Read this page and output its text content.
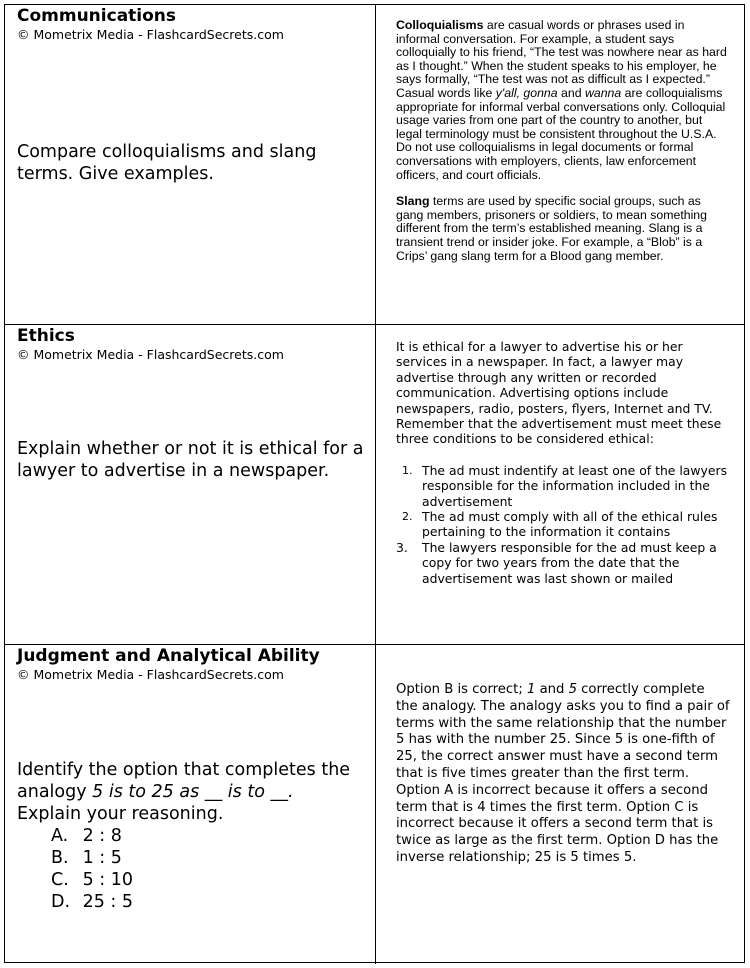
Communications
© Mometrix Media - FlashcardSecrets.com
Compare colloquialisms and slang terms. Give examples.

Colloquialisms are casual words or phrases used in informal conversation. For example, a student says colloquially to his friend, “The test was nowhere near as hard as I thought.” When the student speaks to his employer, he says formally, “The test was not as difficult as I expected.” Casual words like y'all, gonna and wanna are colloquialisms appropriate for informal verbal conversations only. Colloquial usage varies from one part of the country to another, but legal terminology must be consistent throughout the U.S.A. Do not use colloquialisms in legal documents or formal conversations with employers, clients, law enforcement officers, and court officials.

Slang terms are used by specific social groups, such as gang members, prisoners or soldiers, to mean something different from the term’s established meaning. Slang is a transient trend or insider joke. For example, a “Blob” is a Crips’ gang slang term for a Blood gang member.

Ethics
© Mometrix Media - FlashcardSecrets.com
Explain whether or not it is ethical for a lawyer to advertise in a newspaper.

It is ethical for a lawyer to advertise his or her services in a newspaper. In fact, a lawyer may advertise through any written or recorded communication. Advertising options include newspapers, radio, posters, flyers, Internet and TV. Remember that the advertisement must meet these three conditions to be considered ethical:

1. The ad must indentify at least one of the lawyers responsible for the information included in the advertisement
2. The ad must comply with all of the ethical rules pertaining to the information it contains
3. The lawyers responsible for the ad must keep a copy for two years from the date that the advertisement was last shown or mailed
Judgment and Analytical Ability
© Mometrix Media - FlashcardSecrets.com
Identify the option that completes the analogy 5 is to 25 as __ is to __.
Explain your reasoning.
A. 2 : 8
B. 1 : 5
C. 5 : 10
D. 25 : 5
Option B is correct; 1 and 5 correctly complete the analogy. The analogy asks you to find a pair of terms with the same relationship that the number 5 has with the number 25. Since 5 is one-fifth of 25, the correct answer must have a second term that is five times greater than the first term. Option A is incorrect because it offers a second term that is 4 times the first term. Option C is incorrect because it offers a second term that is twice as large as the first term. Option D has the inverse relationship; 25 is 5 times 5.
